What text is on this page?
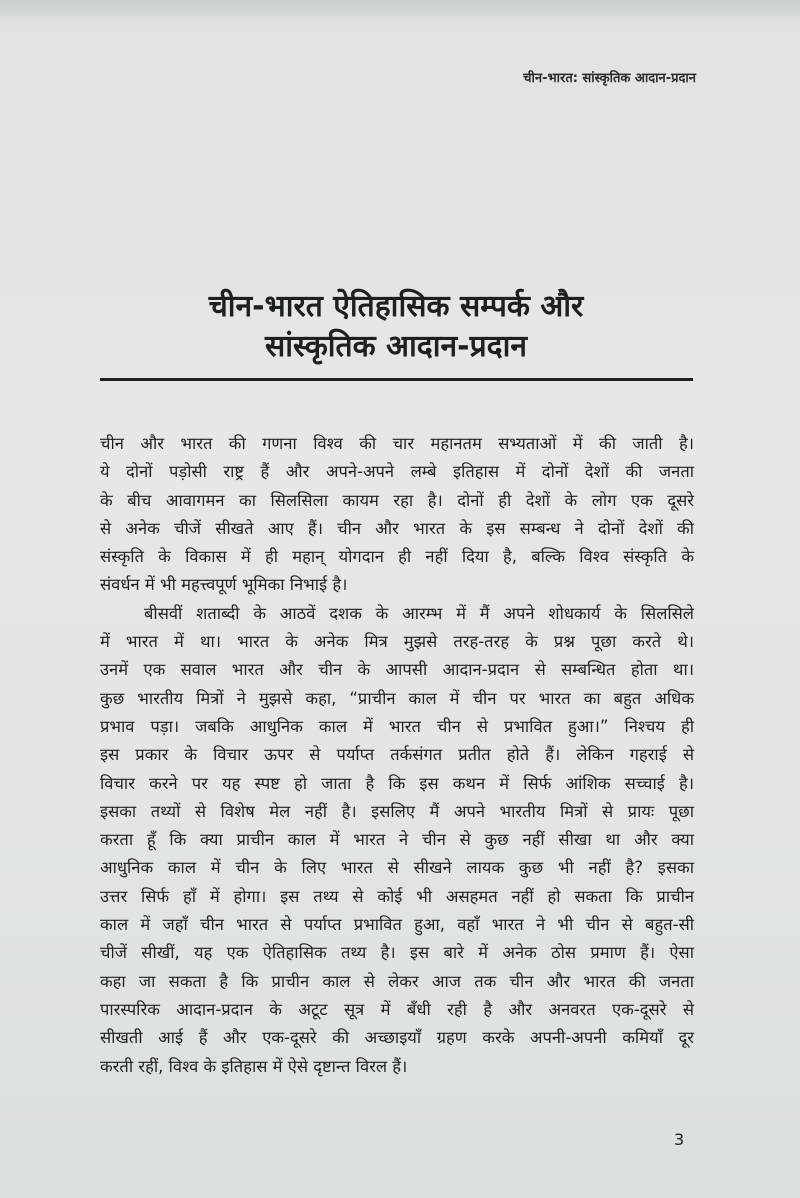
चीन-भारत: सांस्कृतिक आदान-प्रदान
चीन-भारत ऐतिहासिक सम्पर्क और
सांस्कृतिक आदान-प्रदान
चीन और भारत की गणना विश्व की चार महानतम सभ्यताओं में की जाती है।
ये दोनों पड़ोसी राष्ट्र हैं और अपने-अपने लम्बे इतिहास में दोनों देशों की जनता
के बीच आवागमन का सिलसिला कायम रहा है। दोनों ही देशों के लोग एक दूसरे
से अनेक चीजें सीखते आए हैं। चीन और भारत के इस सम्बन्ध ने दोनों देशों की
संस्कृति के विकास में ही महान् योगदान ही नहीं दिया है, बल्कि विश्व संस्कृति के
संवर्धन में भी महत्त्वपूर्ण भूमिका निभाई है।
बीसवीं शताब्दी के आठवें दशक के आरम्भ में मैं अपने शोधकार्य के सिलसिले
में भारत में था। भारत के अनेक मित्र मुझसे तरह-तरह के प्रश्न पूछा करते थे।
उनमें एक सवाल भारत और चीन के आपसी आदान-प्रदान से सम्बन्धित होता था।
कुछ भारतीय मित्रों ने मुझसे कहा, “प्राचीन काल में चीन पर भारत का बहुत अधिक
प्रभाव पड़ा। जबकि आधुनिक काल में भारत चीन से प्रभावित हुआ।” निश्चय ही
इस प्रकार के विचार ऊपर से पर्याप्त तर्कसंगत प्रतीत होते हैं। लेकिन गहराई से
विचार करने पर यह स्पष्ट हो जाता है कि इस कथन में सिर्फ आंशिक सच्चाई है।
इसका तथ्यों से विशेष मेल नहीं है। इसलिए मैं अपने भारतीय मित्रों से प्रायः पूछा
करता हूँ कि क्या प्राचीन काल में भारत ने चीन से कुछ नहीं सीखा था और क्या
आधुनिक काल में चीन के लिए भारत से सीखने लायक कुछ भी नहीं है? इसका
उत्तर सिर्फ हाँ में होगा। इस तथ्य से कोई भी असहमत नहीं हो सकता कि प्राचीन
काल में जहाँ चीन भारत से पर्याप्त प्रभावित हुआ, वहाँ भारत ने भी चीन से बहुत-सी
चीजें सीखीं, यह एक ऐतिहासिक तथ्य है। इस बारे में अनेक ठोस प्रमाण हैं। ऐसा
कहा जा सकता है कि प्राचीन काल से लेकर आज तक चीन और भारत की जनता
पारस्परिक आदान-प्रदान के अटूट सूत्र में बँधी रही है और अनवरत एक-दूसरे से
सीखती आई हैं और एक-दूसरे की अच्छाइयाँ ग्रहण करके अपनी-अपनी कमियाँ दूर
करती रहीं, विश्व के इतिहास में ऐसे दृष्टान्त विरल हैं।
3
